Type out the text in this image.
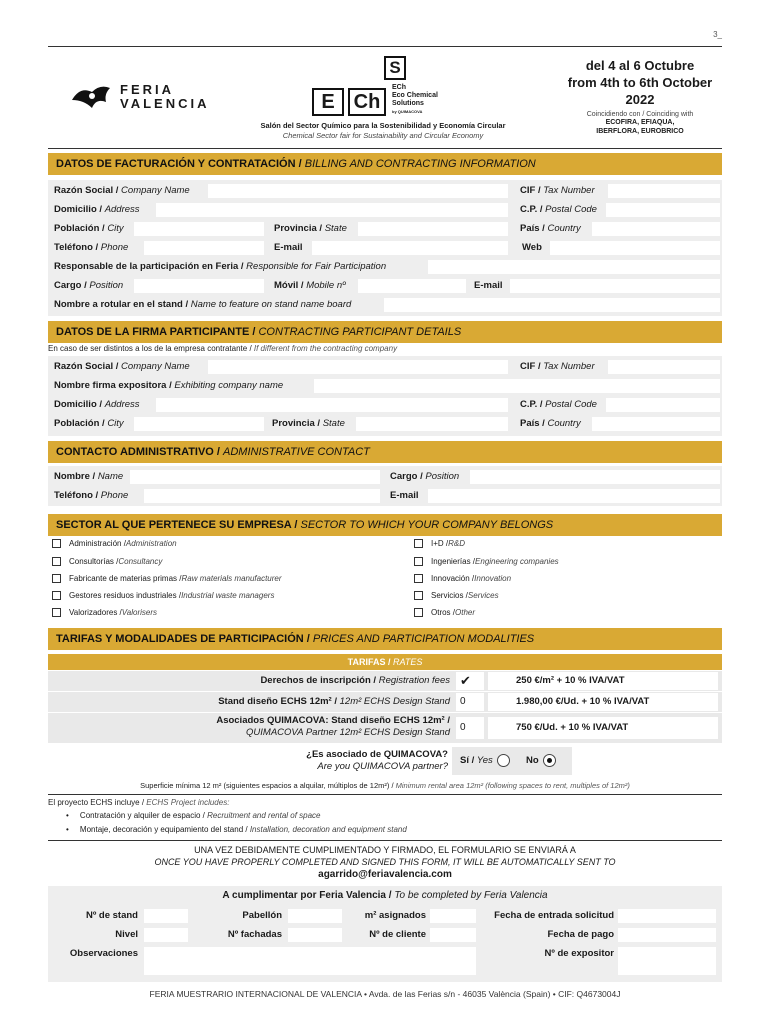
3_
FERIA
VALENCIA
S
E Ch
ECh
Eco Chemical
Solutions
by QUIMACOVA
Salón del Sector Químico para la Sostenibilidad y Economía Circular
Chemical Sector fair for Sustainability and Circular Economy
del 4 al 6 Octubre
from 4th to 6th October
2022
Coincidiendo con / Coinciding with
ECOFIRA, EFIAQUA,
IBERFLORA, EUROBRICO
DATOS DE FACTURACIÓN Y CONTRATACIÓN / BILLING AND CONTRACTING INFORMATION
Razón Social / Company Name	CIF / Tax Number
Domicilio / Address	C.P. / Postal Code
Población / City	Provincia / State	País / Country
Teléfono / Phone	E-mail	Web
Responsable de la participación en Feria / Responsible for Fair Participation
Cargo / Position	Móvil / Mobile nº	E-mail
Nombre a rotular en el stand / Name to feature on stand name board
DATOS DE LA FIRMA PARTICIPANTE / CONTRACTING PARTICIPANT DETAILS
En caso de ser distintos a los de la empresa contratante / If different from the contracting company
Razón Social / Company Name	CIF / Tax Number
Nombre firma expositora / Exhibiting company name
Domicilio / Address	C.P. / Postal Code
Población / City	Provincia / State	País / Country
CONTACTO ADMINISTRATIVO / ADMINISTRATIVE CONTACT
Nombre / Name	Cargo / Position
Teléfono / Phone	E-mail
SECTOR AL QUE PERTENECE SU EMPRESA / SECTOR TO WHICH YOUR COMPANY BELONGS
Administración / Administration
Consultorías / Consultancy
Fabricante de materias primas / Raw materials manufacturer
Gestores residuos industriales / Industrial waste managers
Valorizadores / Valorisers
I+D / R&D
Ingenierías / Engineering companies
Innovación / Innovation
Servicios / Services
Otros / Other
TARIFAS Y MODALIDADES DE PARTICIPACIÓN / PRICES AND PARTICIPATION MODALITIES
TARIFAS / RATES
Derechos de inscripción / Registration fees ✔	250 €/m² + 10 % IVA/VAT
Stand diseño ECHS 12m² / 12m² ECHS Design Stand	0	1.980,00 €/Ud. + 10 % IVA/VAT
Asociados QUIMACOVA: Stand diseño ECHS 12m² /
QUIMACOVA Partner 12m² ECHS Design Stand	0	750 €/Ud. + 10 % IVA/VAT
¿Es asociado de QUIMACOVA?
Are you QUIMACOVA partner?
Sí / Yes	No
Superficie mínima 12 m² (siguientes espacios a alquilar, múltiplos de 12m²) / Minimum rental area 12m² (following spaces to rent, multiples of 12m²)
El proyecto ECHS incluye / ECHS Project includes:
•     Contratación y alquiler de espacio / Recruitment and rental of space
•     Montaje, decoración y equipamiento del stand / Installation, decoration and equipment stand
UNA VEZ DEBIDAMENTE CUMPLIMENTADO Y FIRMADO, EL FORMULARIO SE ENVIARÁ A
ONCE YOU HAVE PROPERLY COMPLETED AND SIGNED THIS FORM, IT WILL BE AUTOMATICALLY SENT TO
agarrido@feriavalencia.com
A cumplimentar por Feria Valencia / To be completed by Feria Valencia
Nº de stand	Pabellón	m² asignados	Fecha de entrada solicitud
Nivel	Nº fachadas	Nº de cliente	Fecha de pago
Observaciones	Nº de expositor
FERIA MUESTRARIO INTERNACIONAL DE VALENCIA • Avda. de las Ferias s/n - 46035 València (Spain) • CIF: Q4673004J
